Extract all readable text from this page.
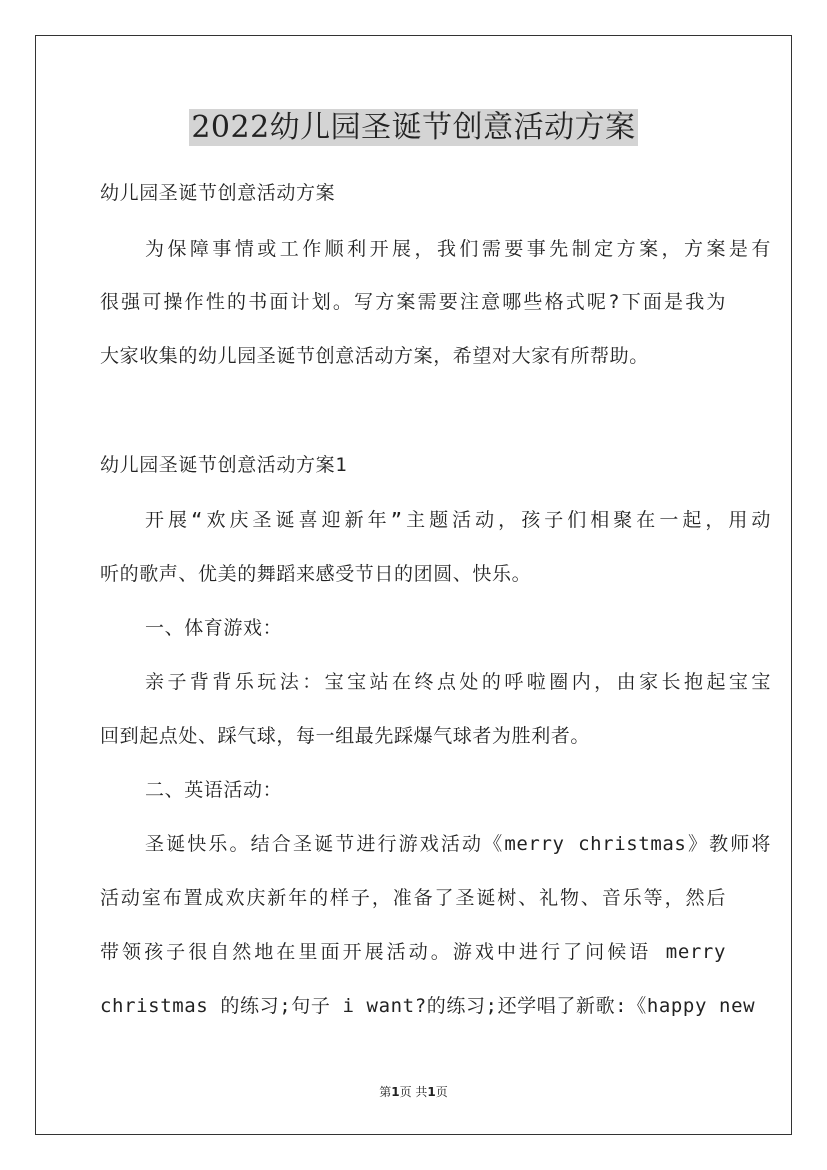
2022幼儿园圣诞节创意活动方案
幼儿园圣诞节创意活动方案
为保障事情或工作顺利开展，我们需要事先制定方案，方案是有
很强可操作性的书面计划。写方案需要注意哪些格式呢?下面是我为
大家收集的幼儿园圣诞节创意活动方案，希望对大家有所帮助。
幼儿园圣诞节创意活动方案1
开展“欢庆圣诞喜迎新年”主题活动，孩子们相聚在一起，用动
听的歌声、优美的舞蹈来感受节日的团圆、快乐。
一、体育游戏：
亲子背背乐玩法：宝宝站在终点处的呼啦圈内，由家长抱起宝宝
回到起点处、踩气球，每一组最先踩爆气球者为胜利者。
二、英语活动：
圣诞快乐。结合圣诞节进行游戏活动《merry christmas》教师将
活动室布置成欢庆新年的样子，准备了圣诞树、礼物、音乐等，然后
带领孩子很自然地在里面开展活动。游戏中进行了问候语 merry
christmas 的练习;句子 i want?的练习;还学唱了新歌:《happy new
第1页 共1页
